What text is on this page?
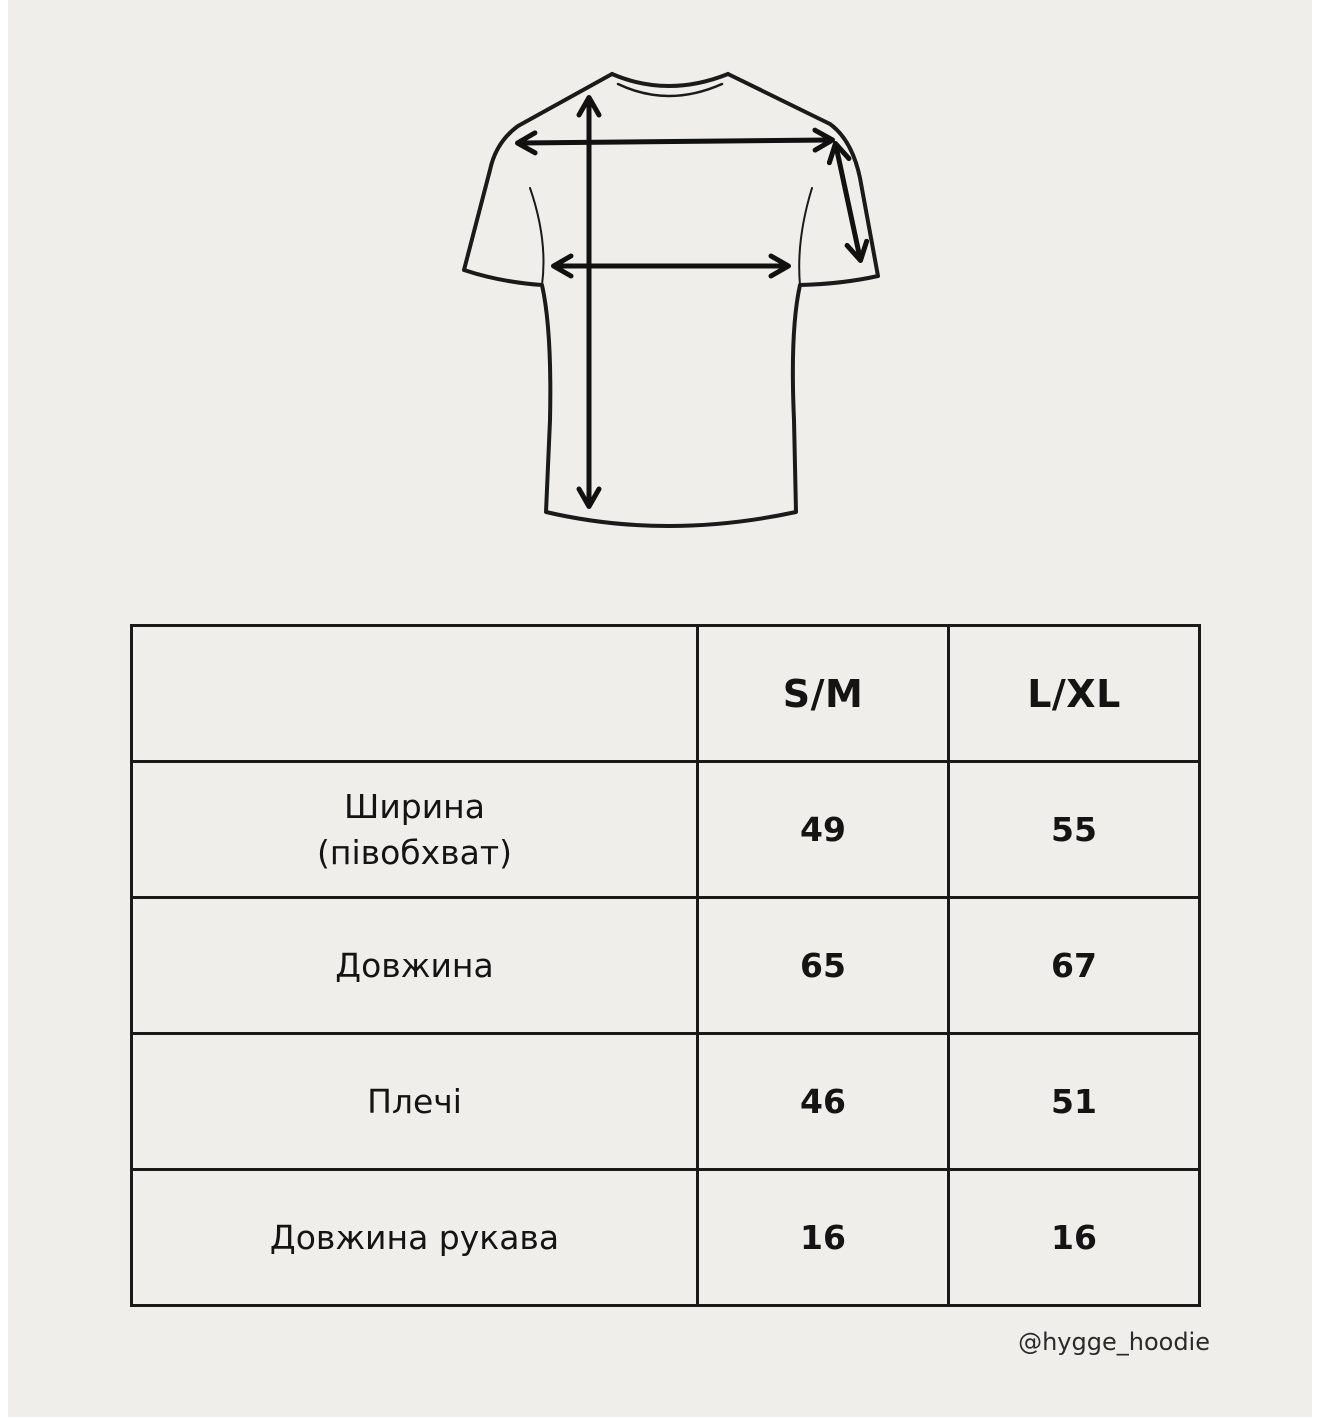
	S/M	L/XL

Ширина
(півобхват)	49	55

Довжина	65	67

Плечі	46	51

Довжина рукава	16	16
@hygge_hoodie
